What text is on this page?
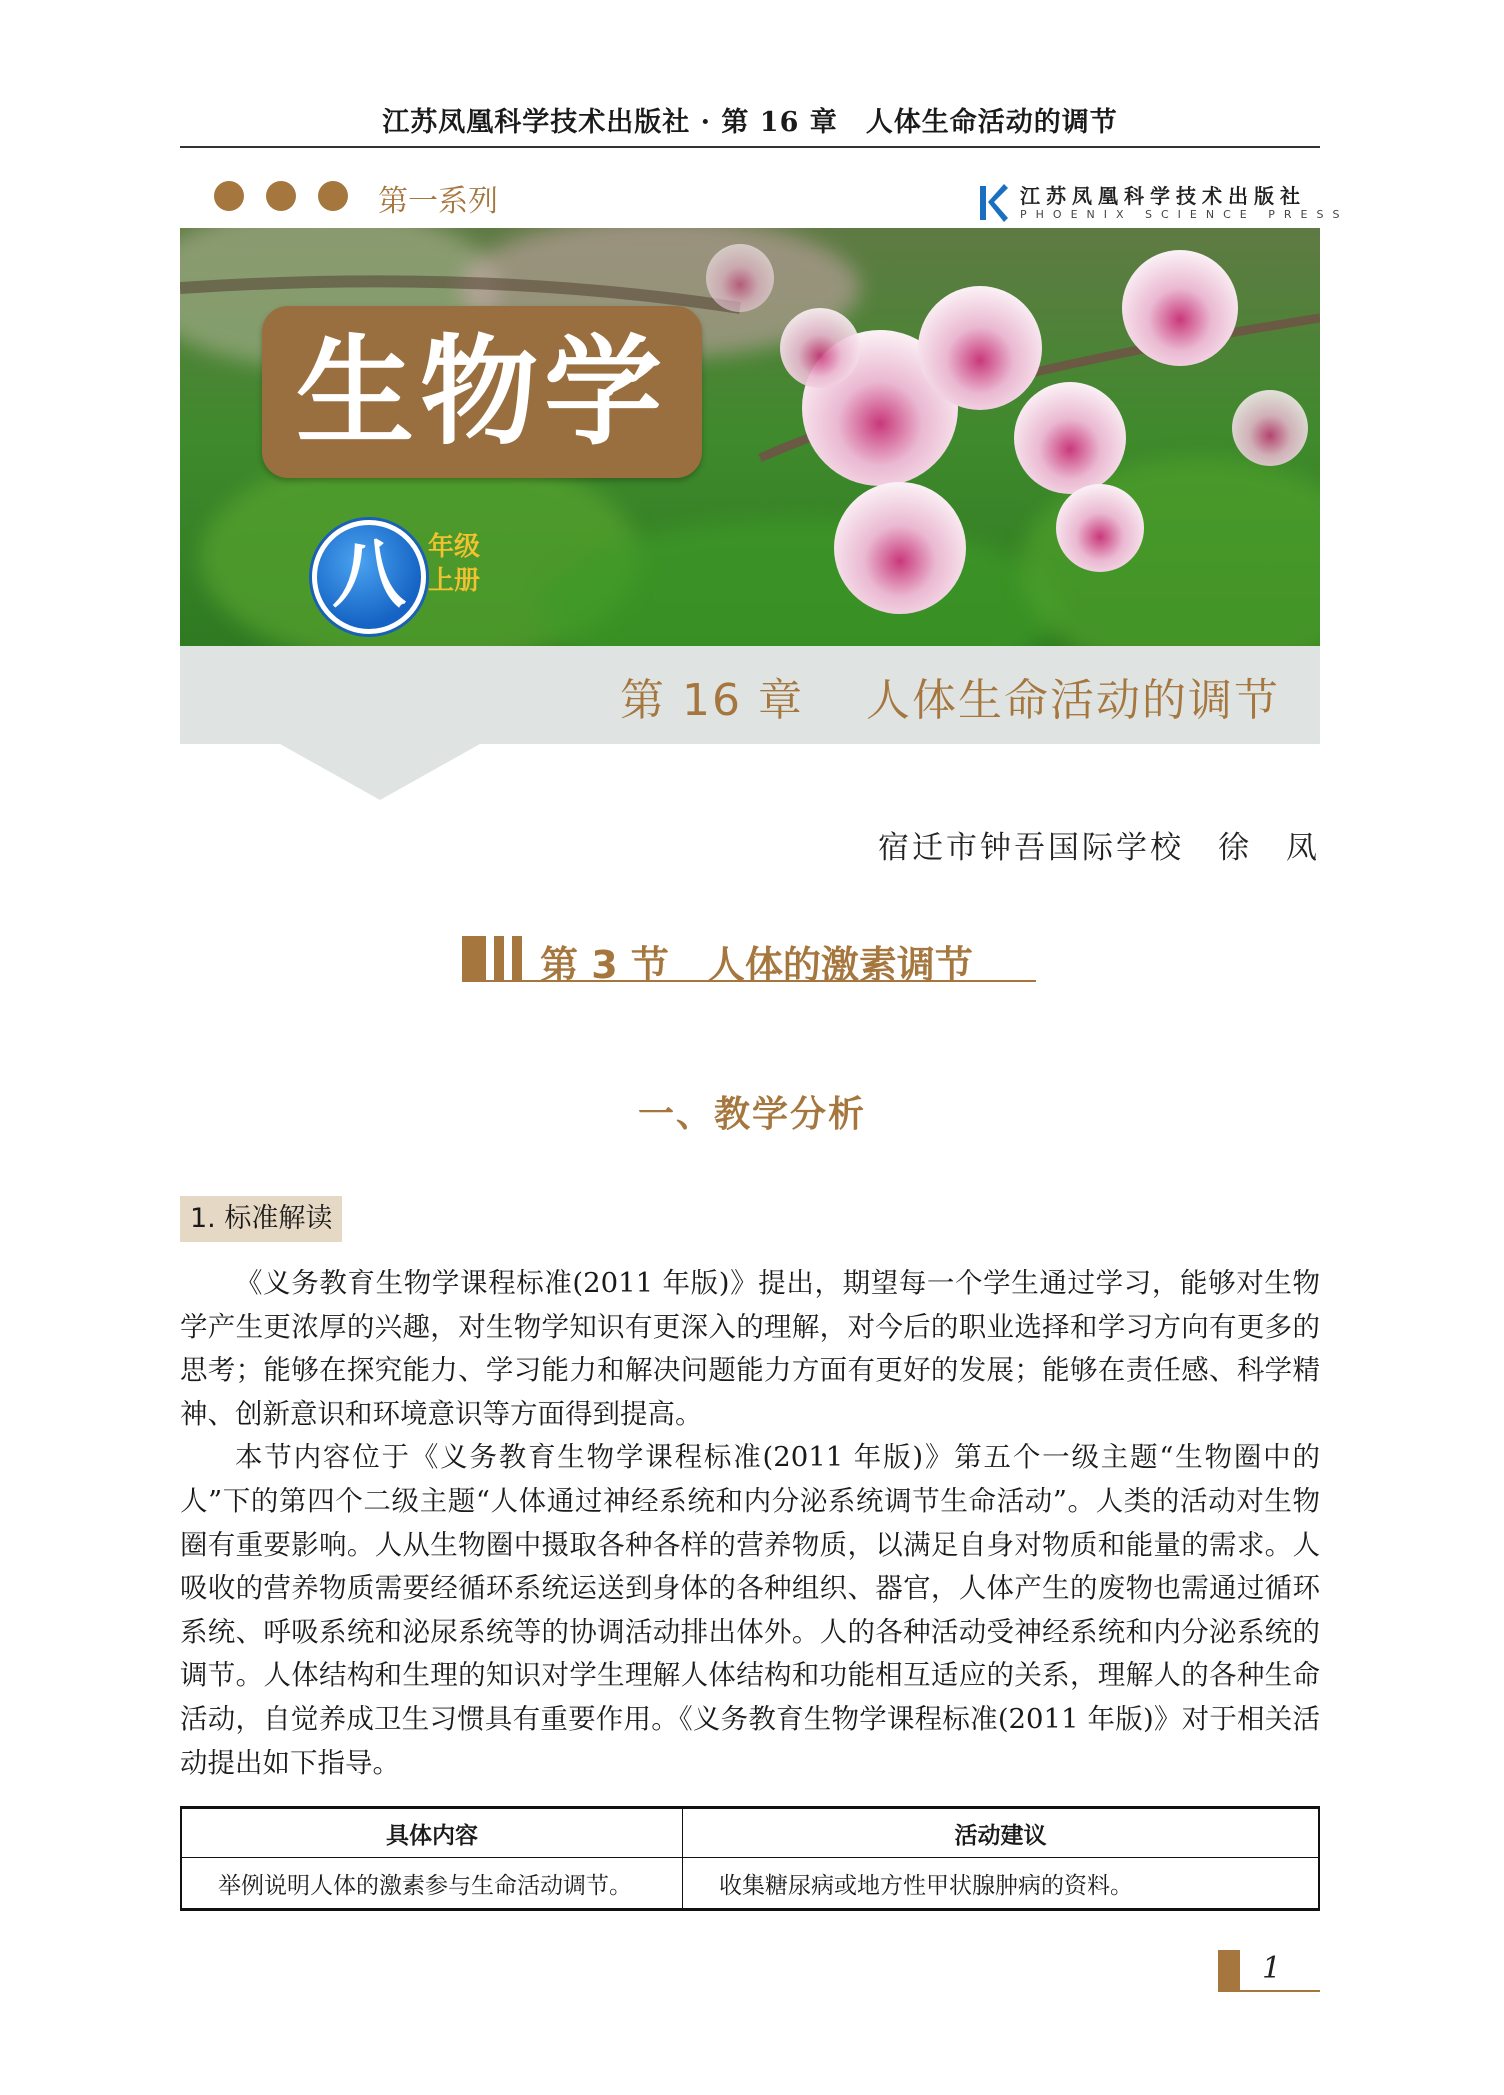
江苏凤凰科学技术出版社 · 第 16 章　人体生命活动的调节
第一系列	江苏凤凰科学技术出版社
PHOENIX SCIENCE PRESS
生物学
八 年级
上册
第 16 章　 人体生命活动的调节
宿迁市钟吾国际学校　徐　凤
第 3 节　人体的激素调节
一、教学分析
1. 标准解读

《义务教育生物学课程标准(2011 年版)》提出，期望每一个学生通过学习，能够对生物学产生更浓厚的兴趣，对生物学知识有更深入的理解，对今后的职业选择和学习方向有更多的思考；能够在探究能力、学习能力和解决问题能力方面有更好的发展；能够在责任感、科学精神、创新意识和环境意识等方面得到提高。

本节内容位于《义务教育生物学课程标准(2011 年版)》第五个一级主题“生物圈中的人”下的第四个二级主题“人体通过神经系统和内分泌系统调节生命活动”。人类的活动对生物圈有重要影响。人从生物圈中摄取各种各样的营养物质，以满足自身对物质和能量的需求。人吸收的营养物质需要经循环系统运送到身体的各种组织、器官，人体产生的废物也需通过循环系统、呼吸系统和泌尿系统等的协调活动排出体外。人的各种活动受神经系统和内分泌系统的调节。人体结构和生理的知识对学生理解人体结构和功能相互适应的关系，理解人的各种生命活动，自觉养成卫生习惯具有重要作用。《义务教育生物学课程标准(2011 年版)》对于相关活动提出如下指导。

具体内容	活动建议
举例说明人体的激素参与生命活动调节。	收集糖尿病或地方性甲状腺肿病的资料。
1
